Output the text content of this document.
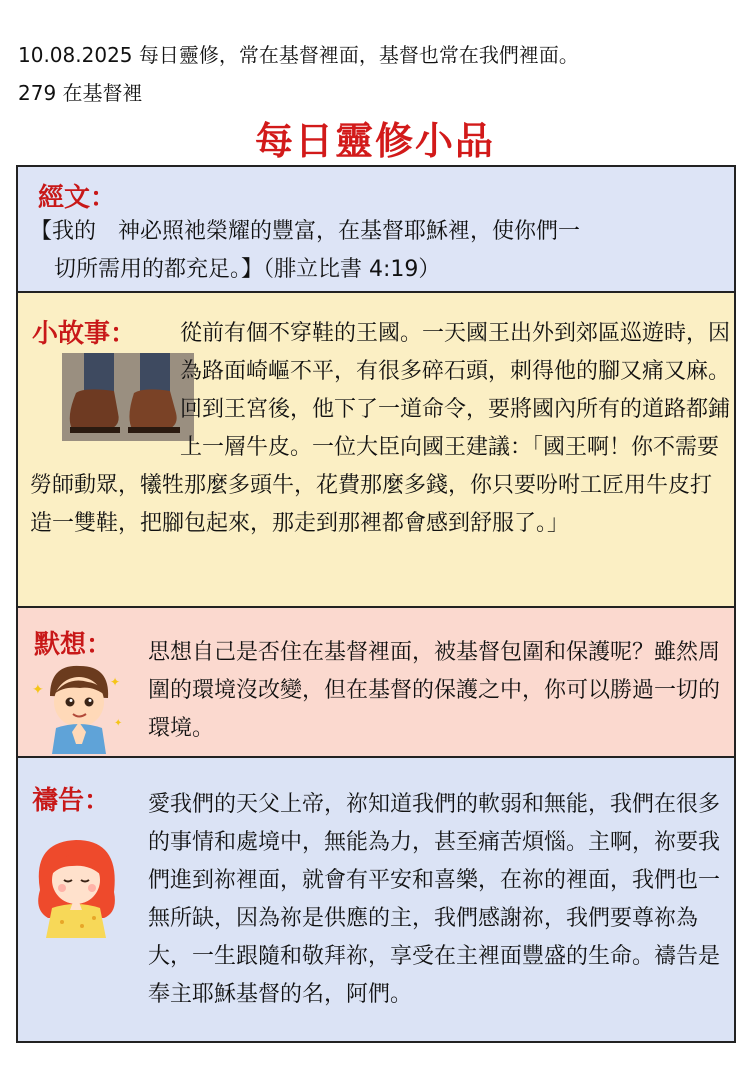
10.08.2025 每日靈修，常在基督裡面，基督也常在我們裡面。
279 在基督裡
每日靈修小品
經文：
【我的　神必照祂榮耀的豐富，在基督耶穌裡，使你們一
切所需用的都充足。】（腓立比書 4:19）
小故事：	從前有個不穿鞋的王國。一天國王出外到郊區巡遊時，因為路面崎嶇不平，有很多碎石頭，刺得他的腳又痛又麻。回到王宮後，他下了一道命令，要將國內所有的道路都鋪上一層牛皮。一位大臣向國王建議：「國王啊！你不需要勞師動眾，犧牲那麼多頭牛，花費那麼多錢，你只要吩咐工匠用牛皮打造一雙鞋，把腳包起來，那走到那裡都會感到舒服了。」
默想：
✦	✦
✦
思想自己是否住在基督裡面，被基督包圍和保護呢？雖然周圍的環境沒改變，但在基督的保護之中，你可以勝過一切的環境。
禱告： 愛我們的天父上帝，祢知道我們的軟弱和無能，我們在很多的事情和處境中，無能為力，甚至痛苦煩惱。主啊，祢要我們進到祢裡面，就會有平安和喜樂，在祢的裡面，我們也一無所缺，因為祢是供應的主，我們感謝祢，我們要尊祢為大，一生跟隨和敬拜祢，享受在主裡面豐盛的生命。禱告是奉主耶穌基督的名，阿們。
